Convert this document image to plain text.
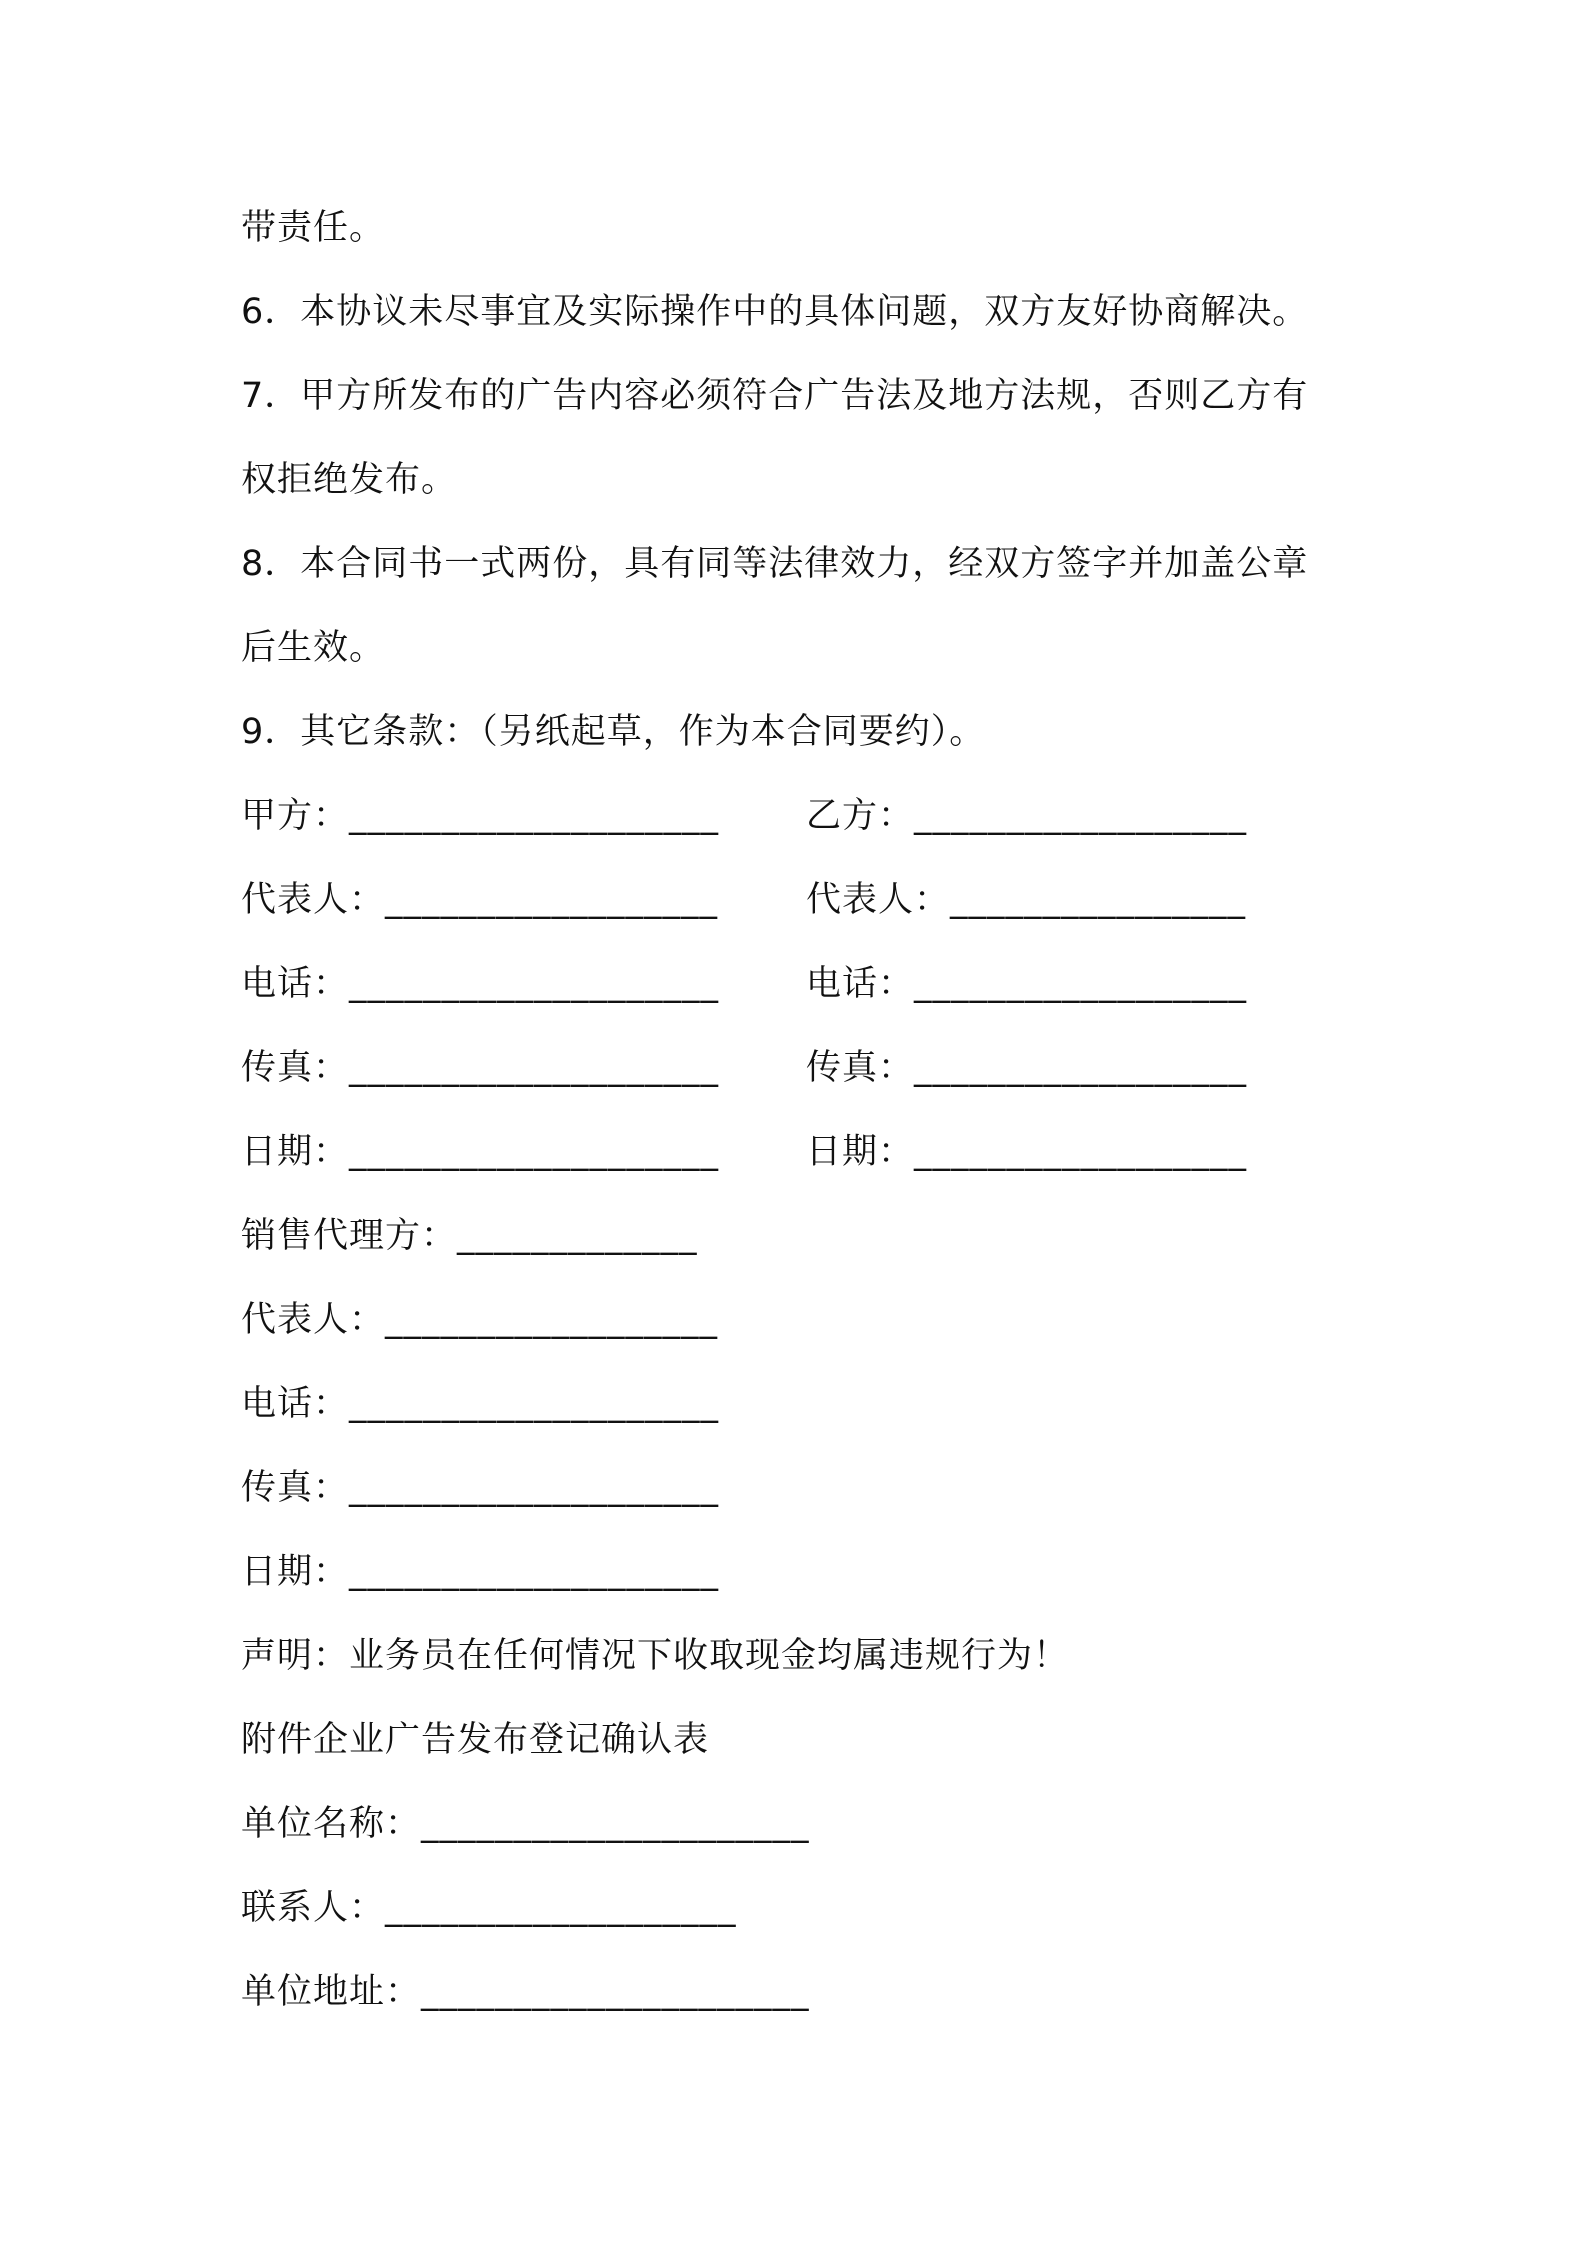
带责任。
6．本协议未尽事宜及实际操作中的具体问题，双方友好协商解决。
7．甲方所发布的广告内容必须符合广告法及地方法规，否则乙方有
权拒绝发布。
8．本合同书一式两份，具有同等法律效力，经双方签字并加盖公章
后生效。
9．其它条款：（另纸起草，作为本合同要约）。
甲方：____________________ 乙方：__________________
代表人：__________________	代表人：________________
电话：____________________ 电话：__________________
传真：____________________ 传真：__________________
日期：____________________ 日期：__________________
销售代理方：_____________
代表人：__________________
电话：____________________
传真：____________________
日期：____________________
声明：业务员在任何情况下收取现金均属违规行为！
附件企业广告发布登记确认表
单位名称：_____________________
联系人：___________________
单位地址：_____________________
